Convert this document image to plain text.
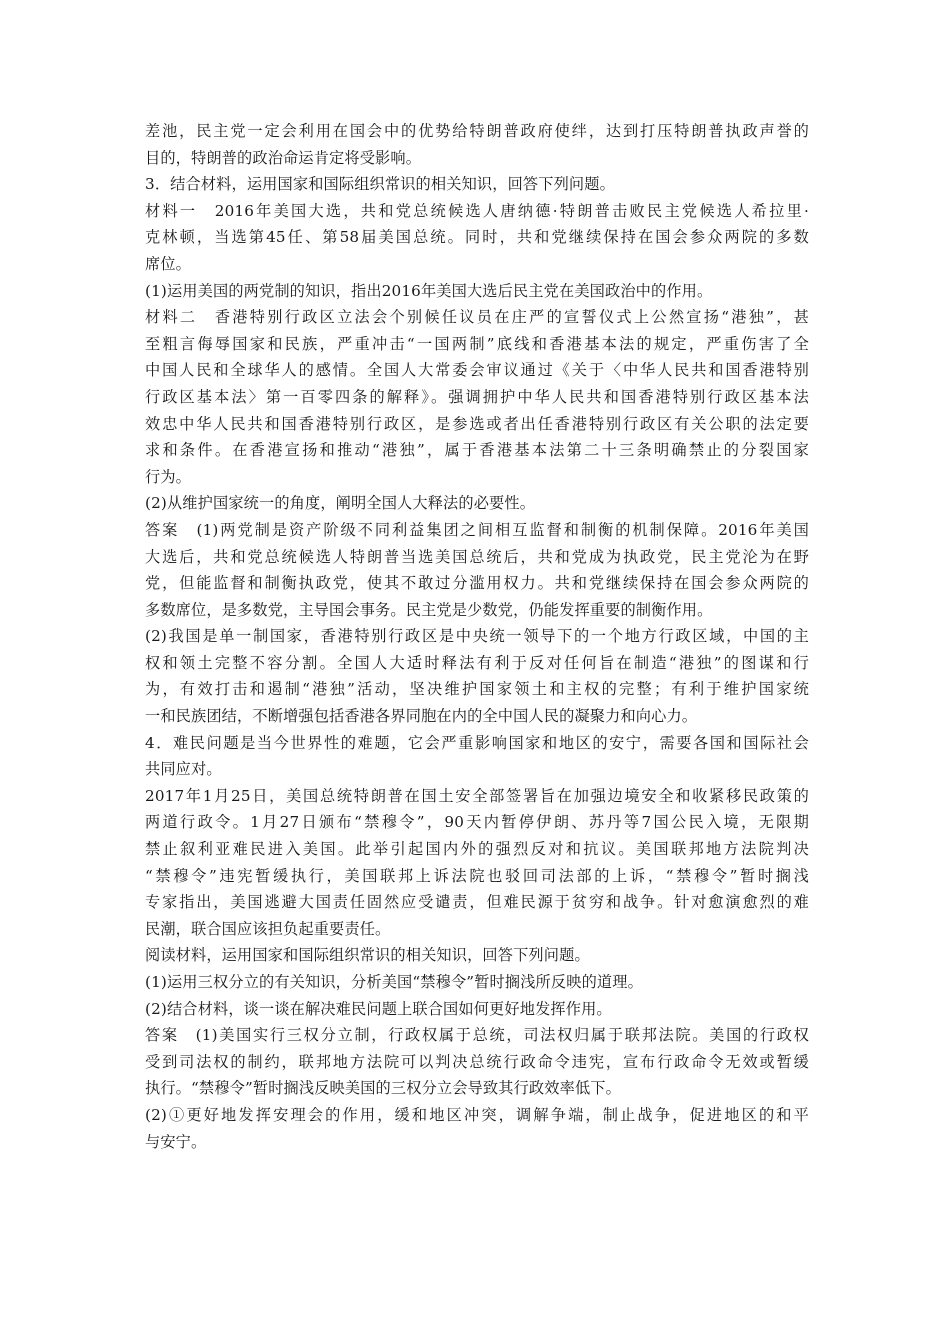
差池，民主党一定会利用在国会中的优势给特朗普政府使绊，达到打压特朗普执政声誉的
目的，特朗普的政治命运肯定将受影响。
3．结合材料，运用国家和国际组织常识的相关知识，回答下列问题。
材料一　2016年美国大选，共和党总统候选人唐纳德·特朗普击败民主党候选人希拉里·
克林顿，当选第45任、第58届美国总统。同时，共和党继续保持在国会参众两院的多数
席位。
(1)运用美国的两党制的知识，指出2016年美国大选后民主党在美国政治中的作用。
材料二　香港特别行政区立法会个别候任议员在庄严的宣誓仪式上公然宣扬“港独”，甚
至粗言侮辱国家和民族，严重冲击“一国两制”底线和香港基本法的规定，严重伤害了全
中国人民和全球华人的感情。全国人大常委会审议通过《关于〈中华人民共和国香港特别
行政区基本法〉第一百零四条的解释》。强调拥护中华人民共和国香港特别行政区基本法
效忠中华人民共和国香港特别行政区，是参选或者出任香港特别行政区有关公职的法定要
求和条件。在香港宣扬和推动“港独”，属于香港基本法第二十三条明确禁止的分裂国家
行为。
(2)从维护国家统一的角度，阐明全国人大释法的必要性。
答案　(1)两党制是资产阶级不同利益集团之间相互监督和制衡的机制保障。2016年美国
大选后，共和党总统候选人特朗普当选美国总统后，共和党成为执政党，民主党沦为在野
党，但能监督和制衡执政党，使其不敢过分滥用权力。共和党继续保持在国会参众两院的
多数席位，是多数党，主导国会事务。民主党是少数党，仍能发挥重要的制衡作用。
(2)我国是单一制国家，香港特别行政区是中央统一领导下的一个地方行政区域，中国的主
权和领土完整不容分割。全国人大适时释法有利于反对任何旨在制造“港独”的图谋和行
为，有效打击和遏制“港独”活动，坚决维护国家领土和主权的完整；有利于维护国家统
一和民族团结，不断增强包括香港各界同胞在内的全中国人民的凝聚力和向心力。
4．难民问题是当今世界性的难题，它会严重影响国家和地区的安宁，需要各国和国际社会
共同应对。
2017年1月25日，美国总统特朗普在国土安全部签署旨在加强边境安全和收紧移民政策的
两道行政令。1月27日颁布“禁穆令”，90天内暂停伊朗、苏丹等7国公民入境，无限期
禁止叙利亚难民进入美国。此举引起国内外的强烈反对和抗议。美国联邦地方法院判决
“禁穆令”违宪暂缓执行，美国联邦上诉法院也驳回司法部的上诉，“禁穆令”暂时搁浅
专家指出，美国逃避大国责任固然应受谴责，但难民源于贫穷和战争。针对愈演愈烈的难
民潮，联合国应该担负起重要责任。
阅读材料，运用国家和国际组织常识的相关知识，回答下列问题。
(1)运用三权分立的有关知识，分析美国“禁穆令”暂时搁浅所反映的道理。
(2)结合材料，谈一谈在解决难民问题上联合国如何更好地发挥作用。
答案　(1)美国实行三权分立制，行政权属于总统，司法权归属于联邦法院。美国的行政权
受到司法权的制约，联邦地方法院可以判决总统行政命令违宪，宣布行政命令无效或暂缓
执行。“禁穆令”暂时搁浅反映美国的三权分立会导致其行政效率低下。
(2)①更好地发挥安理会的作用，缓和地区冲突，调解争端，制止战争，促进地区的和平
与安宁。
